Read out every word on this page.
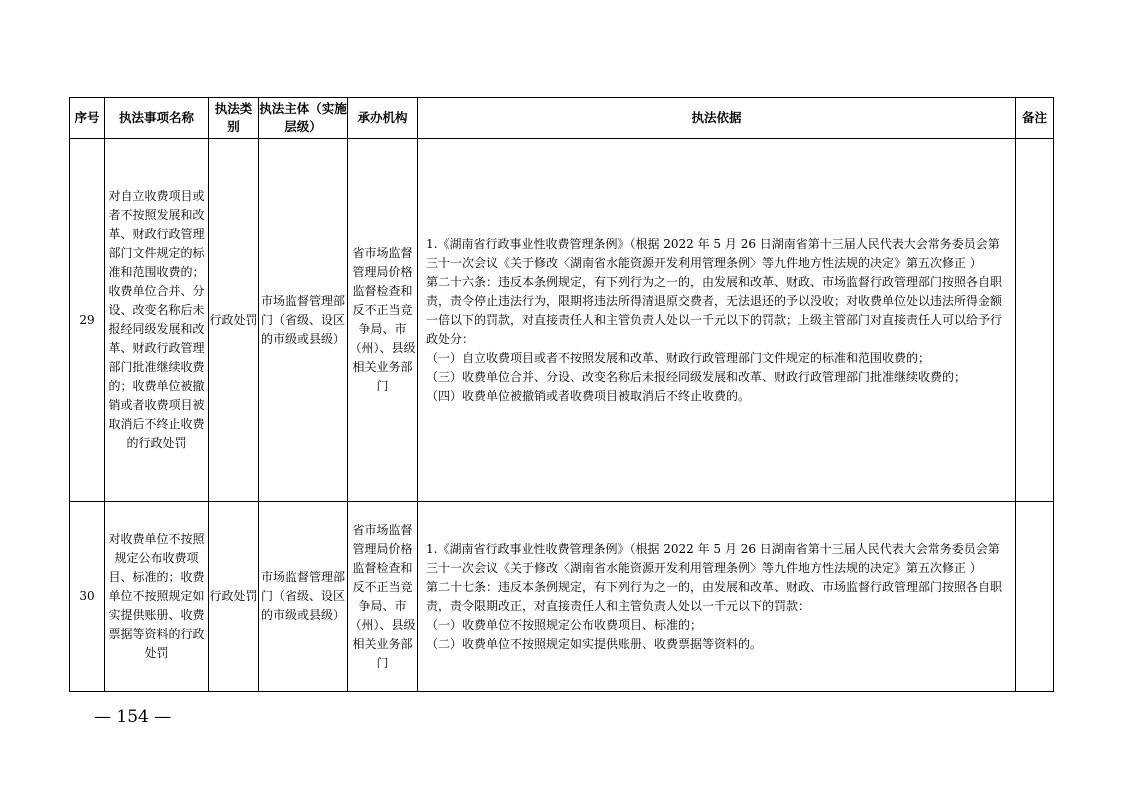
序号	执法事项名称	执法类别	执法主体（实施层级）	承办机构	执法依据	备注
29	对自立收费项目或者不按照发展和改革、财政行政管理部门文件规定的标准和范围收费的；收费单位合并、分设、改变名称后未报经同级发展和改革、财政行政管理部门批准继续收费的；收费单位被撤销或者收费项目被取消后不终止收费的行政处罚	行政处罚	市场监督管理部门（省级、设区的市级或县级）	省市场监督管理局价格监督检查和反不正当竞争局、市（州）、县级相关业务部门	1.《湖南省行政事业性收费管理条例》（根据 2022 年 5 月 26 日湖南省第十三届人民代表大会常务委员会第三十一次会议《关于修改〈湖南省水能资源开发利用管理条例〉等九件地方性法规的决定》第五次修正 ）
第二十六条：违反本条例规定，有下列行为之一的，由发展和改革、财政、市场监督行政管理部门按照各自职责，责令停止违法行为，限期将违法所得清退原交费者，无法退还的予以没收；对收费单位处以违法所得金额一倍以下的罚款，对直接责任人和主管负责人处以一千元以下的罚款；上级主管部门对直接责任人可以给予行政处分：
（一）自立收费项目或者不按照发展和改革、财政行政管理部门文件规定的标准和范围收费的；
（三）收费单位合并、分设、改变名称后未报经同级发展和改革、财政行政管理部门批准继续收费的；
（四）收费单位被撤销或者收费项目被取消后不终止收费的。	

30	对收费单位不按照规定公布收费项目、标准的；收费单位不按照规定如实提供账册、收费票据等资料的行政处罚	行政处罚	市场监督管理部门（省级、设区的市级或县级）	省市场监督管理局价格监督检查和反不正当竞争局、市（州）、县级相关业务部门	1.《湖南省行政事业性收费管理条例》（根据 2022 年 5 月 26 日湖南省第十三届人民代表大会常务委员会第三十一次会议《关于修改〈湖南省水能资源开发利用管理条例〉等九件地方性法规的决定》第五次修正 ）
第二十七条：违反本条例规定，有下列行为之一的，由发展和改革、财政、市场监督行政管理部门按照各自职责，责令限期改正，对直接责任人和主管负责人处以一千元以下的罚款：
（一）收费单位不按照规定公布收费项目、标准的；
（二）收费单位不按照规定如实提供账册、收费票据等资料的。	

— 154 —
